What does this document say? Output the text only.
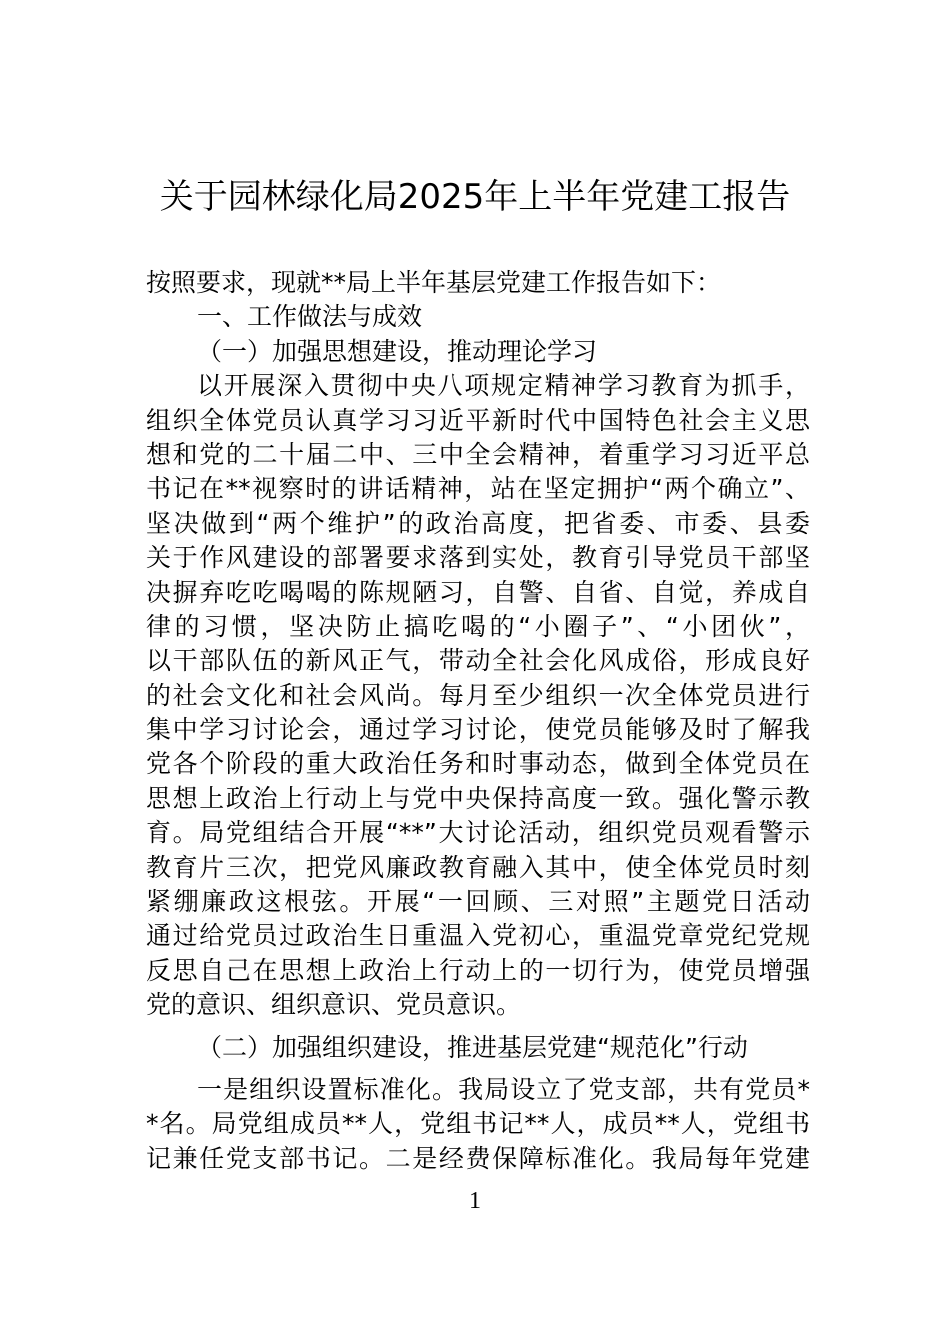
关于园林绿化局2025年上半年党建工报告
按照要求，现就**局上半年基层党建工作报告如下：
一、工作做法与成效
（一）加强思想建设，推动理论学习
以开展深入贯彻中央八项规定精神学习教育为抓手，
组织全体党员认真学习习近平新时代中国特色社会主义思
想和党的二十届二中、三中全会精神，着重学习习近平总
书记在**视察时的讲话精神，站在坚定拥护“两个确立”、
坚决做到“两个维护”的政治高度，把省委、市委、县委
关于作风建设的部署要求落到实处，教育引导党员干部坚
决摒弃吃吃喝喝的陈规陋习，自警、自省、自觉，养成自
律的习惯，坚决防止搞吃喝的“小圈子”、“小团伙”，
以干部队伍的新风正气，带动全社会化风成俗，形成良好
的社会文化和社会风尚。每月至少组织一次全体党员进行
集中学习讨论会，通过学习讨论，使党员能够及时了解我
党各个阶段的重大政治任务和时事动态，做到全体党员在
思想上政治上行动上与党中央保持高度一致。强化警示教
育。局党组结合开展“**”大讨论活动，组织党员观看警示
教育片三次，把党风廉政教育融入其中，使全体党员时刻
紧绷廉政这根弦。开展“一回顾、三对照”主题党日活动
通过给党员过政治生日重温入党初心，重温党章党纪党规
反思自己在思想上政治上行动上的一切行为，使党员增强
党的意识、组织意识、党员意识。
（二）加强组织建设，推进基层党建“规范化”行动
一是组织设置标准化。我局设立了党支部，共有党员*
*名。局党组成员**人，党组书记**人，成员**人，党组书
记兼任党支部书记。二是经费保障标准化。我局每年党建
1
